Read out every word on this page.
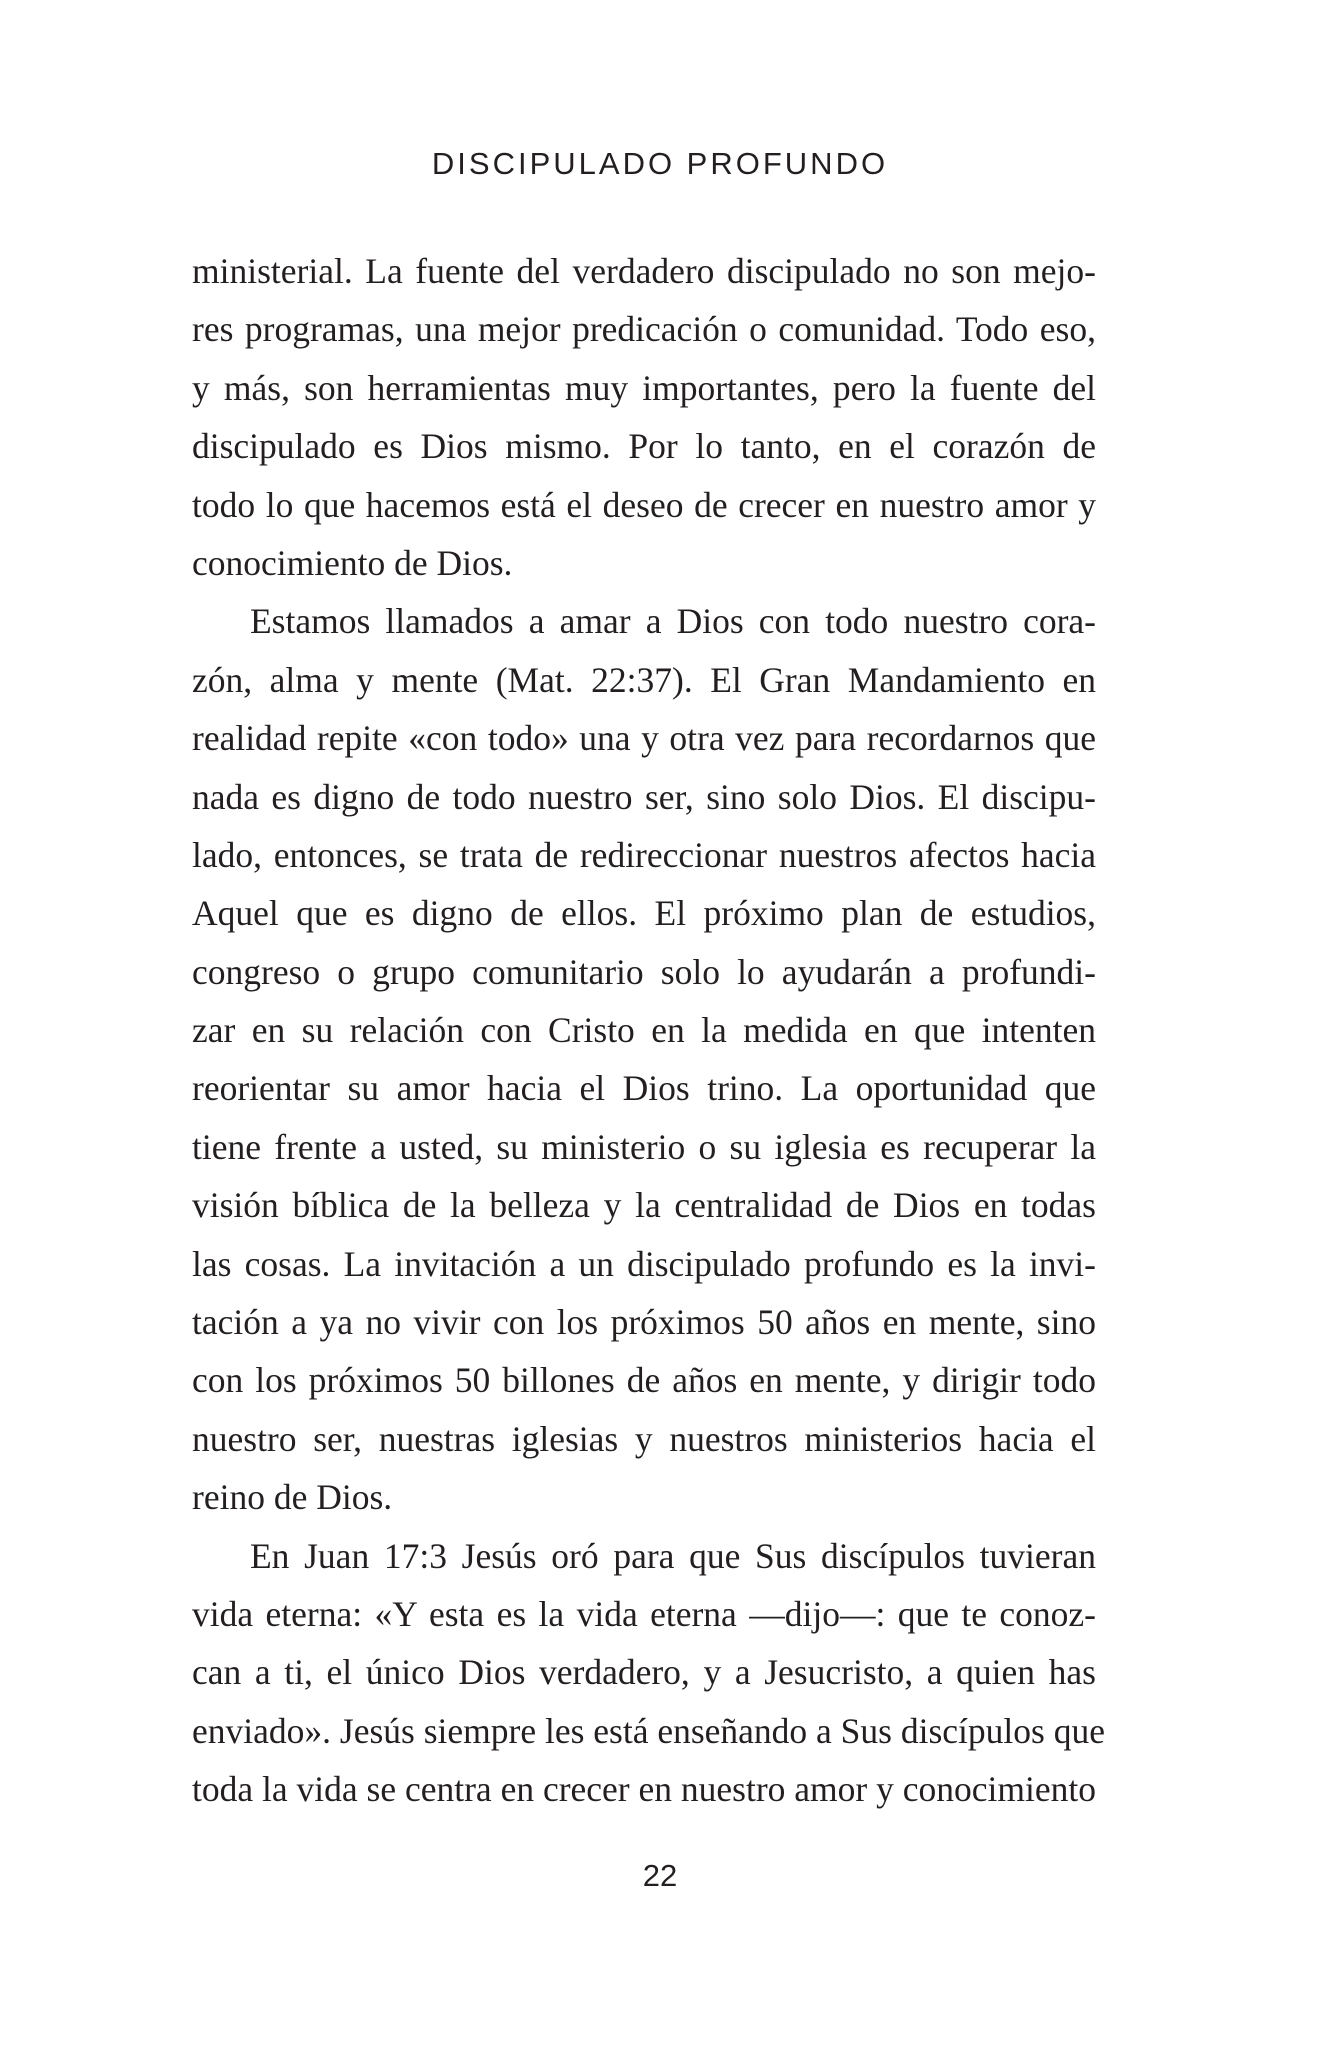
DISCIPULADO PROFUNDO
ministerial. La fuente del verdadero discipulado no son mejo-
res programas, una mejor predicación o comunidad. Todo eso,
y más, son herramientas muy importantes, pero la fuente del
discipulado es Dios mismo. Por lo tanto, en el corazón de
todo lo que hacemos está el deseo de crecer en nuestro amor y
conocimiento de Dios.
Estamos llamados a amar a Dios con todo nuestro cora-
zón, alma y mente (Mat. 22:37). El Gran Mandamiento en
realidad repite «con todo» una y otra vez para recordarnos que
nada es digno de todo nuestro ser, sino solo Dios. El discipu-
lado, entonces, se trata de redireccionar nuestros afectos hacia
Aquel que es digno de ellos. El próximo plan de estudios,
congreso o grupo comunitario solo lo ayudarán a profundi-
zar en su relación con Cristo en la medida en que intenten
reorientar su amor hacia el Dios trino. La oportunidad que
tiene frente a usted, su ministerio o su iglesia es recuperar la
visión bíblica de la belleza y la centralidad de Dios en todas
las cosas. La invitación a un discipulado profundo es la invi-
tación a ya no vivir con los próximos 50 años en mente, sino
con los próximos 50 billones de años en mente, y dirigir todo
nuestro ser, nuestras iglesias y nuestros ministerios hacia el
reino de Dios.
En Juan 17:3 Jesús oró para que Sus discípulos tuvieran
vida eterna: «Y esta es la vida eterna —dijo—: que te conoz-
can a ti, el único Dios verdadero, y a Jesucristo, a quien has
enviado». Jesús siempre les está enseñando a Sus discípulos que
toda la vida se centra en crecer en nuestro amor y conocimiento
22
